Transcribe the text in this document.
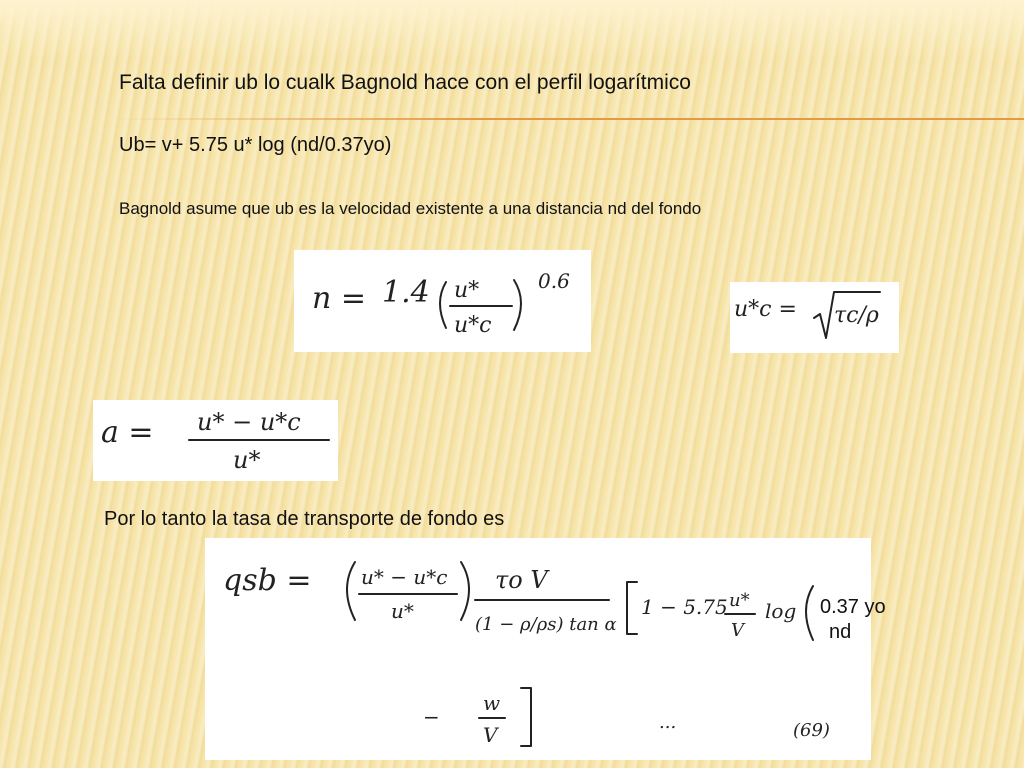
Falta definir ub lo cualk Bagnold hace con el perfil logarítmico
Ub= v+ 5.75 u* log (nd/0.37yo)
Bagnold asume que ub es la velocidad existente a una distancia nd del fondo
n = 1.4 u*
u*c
0.6
u*c = τc/ρ
a = u* − u*c
u*
Por lo tanto la tasa de transporte de fondo es
qsb = u* − u*c
u*
τo V
(1 − ρ/ρs) tan α
1 − 5.75 u*
V
log
−
w
V
...	(69)
0.37 yo
nd
